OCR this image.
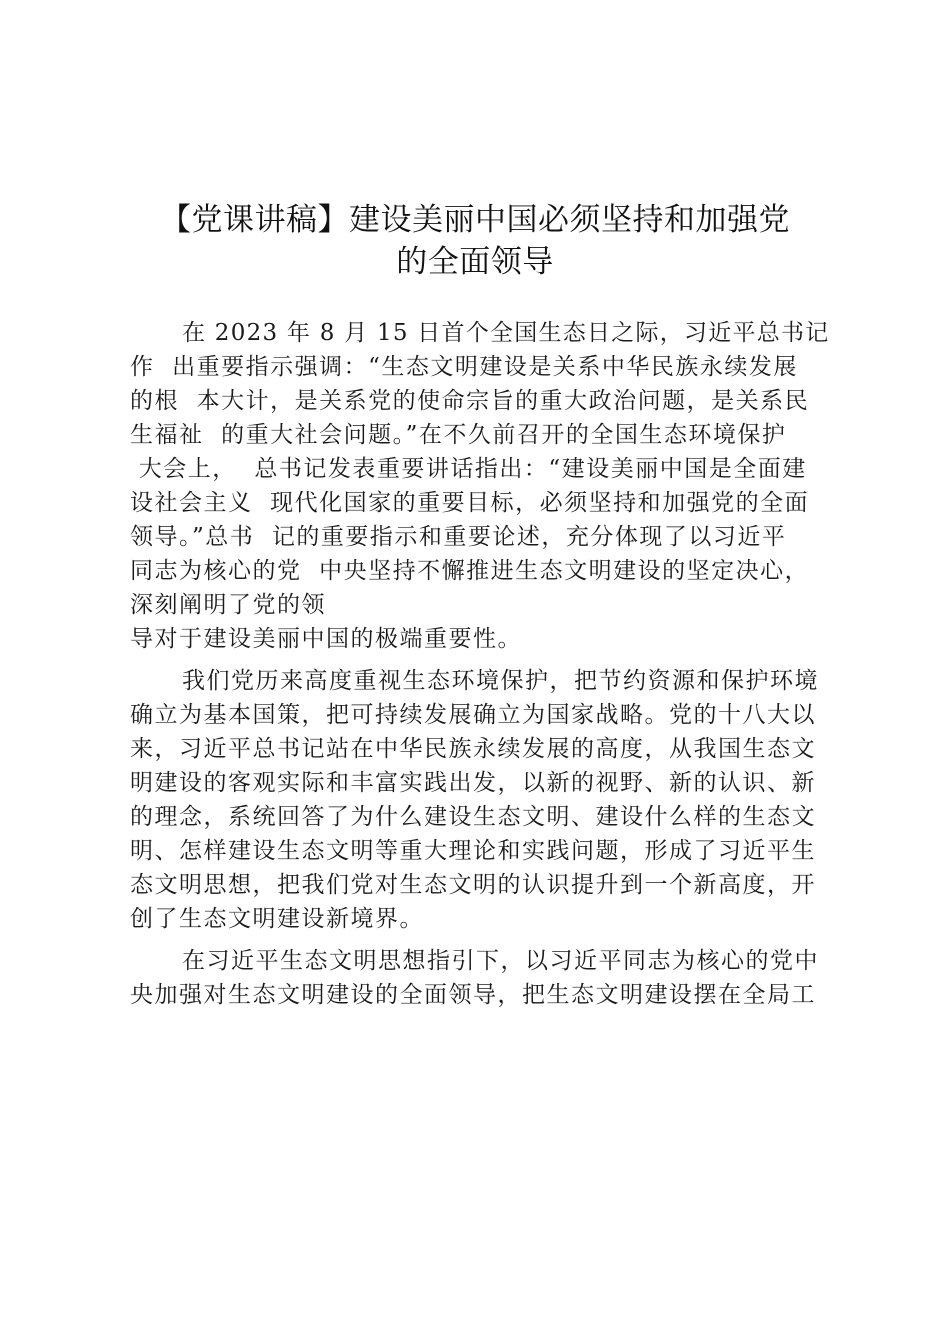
【党课讲稿】建设美丽中国必须坚持和加强党
的全面领导
在 2023 年 8 月 15 日首个全国生态日之际，习近平总书记
作  出重要指示强调：“生态文明建设是关系中华民族永续发展
的根  本大计，是关系党的使命宗旨的重大政治问题，是关系民
生福祉  的重大社会问题。”在不久前召开的全国生态环境保护
大会上，  总书记发表重要讲话指出：“建设美丽中国是全面建
设社会主义  现代化国家的重要目标，必须坚持和加强党的全面
领导。”总书  记的重要指示和重要论述，充分体现了以习近平
同志为核心的党  中央坚持不懈推进生态文明建设的坚定决心，
深刻阐明了党的领
导对于建设美丽中国的极端重要性。
我们党历来高度重视生态环境保护，把节约资源和保护环境
确立为基本国策，把可持续发展确立为国家战略。党的十八大以
来，习近平总书记站在中华民族永续发展的高度，从我国生态文
明建设的客观实际和丰富实践出发，以新的视野、新的认识、新
的理念，系统回答了为什么建设生态文明、建设什么样的生态文
明、怎样建设生态文明等重大理论和实践问题，形成了习近平生
态文明思想，把我们党对生态文明的认识提升到一个新高度，开
创了生态文明建设新境界。
在习近平生态文明思想指引下，以习近平同志为核心的党中
央加强对生态文明建设的全面领导，把生态文明建设摆在全局工
